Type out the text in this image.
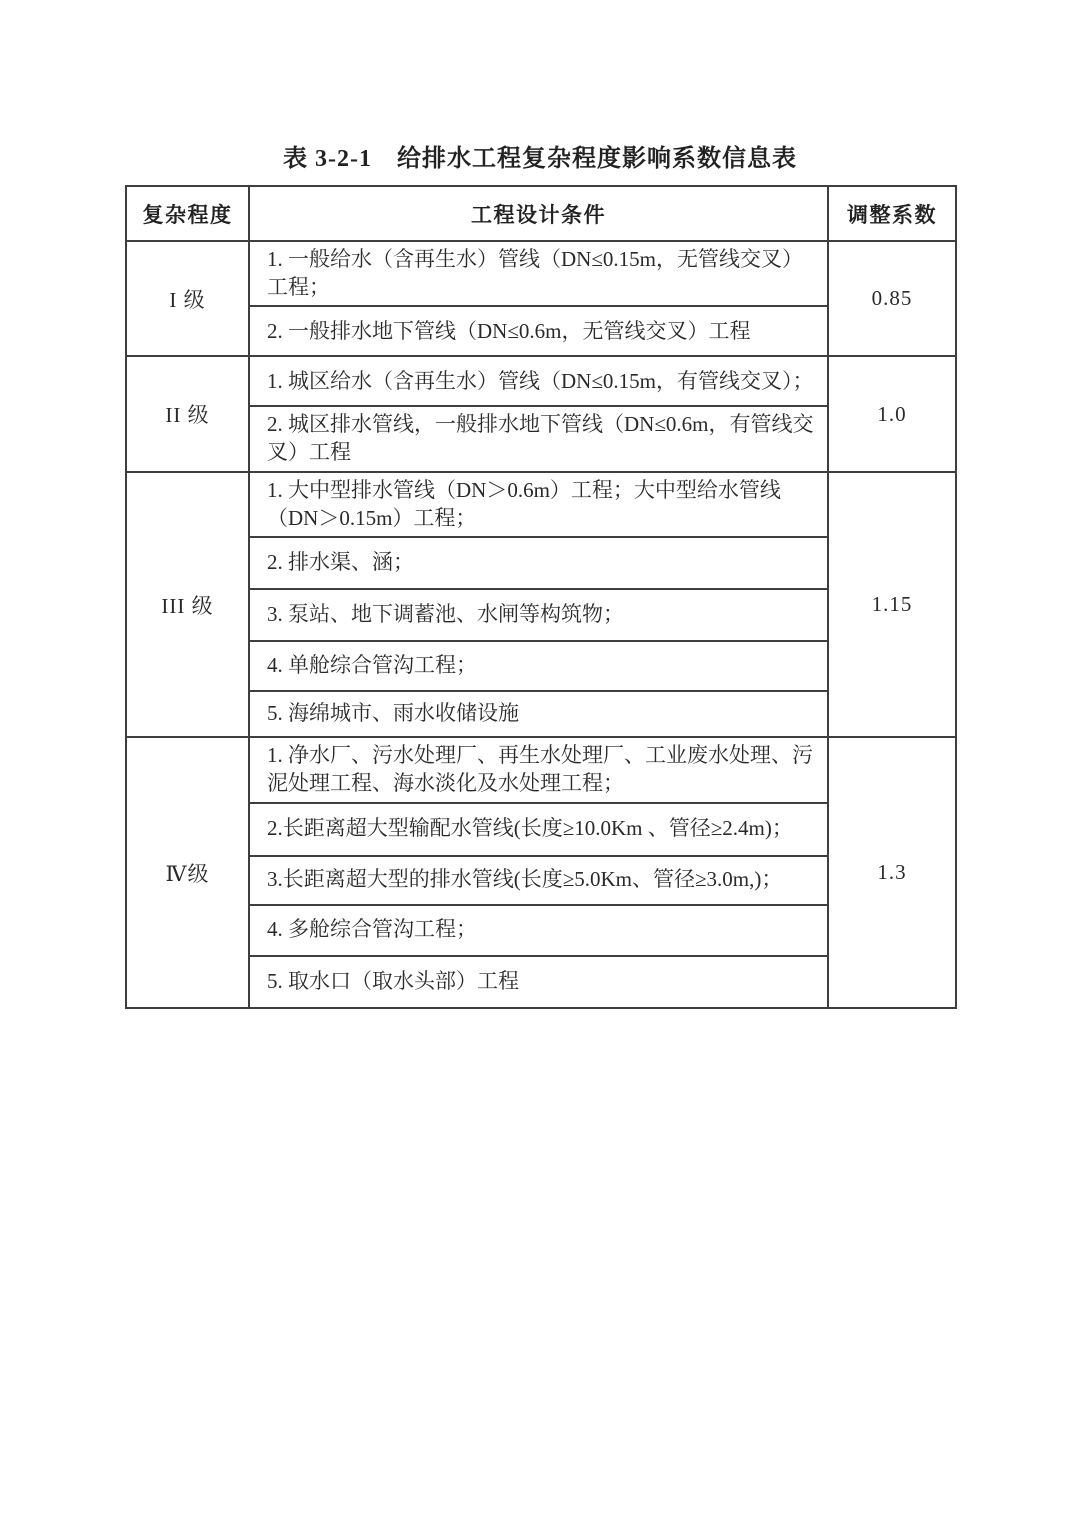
表 3-2-1　给排水工程复杂程度影响系数信息表
复杂程度	工程设计条件	调整系数
I 级	1. 一般给水（含再生水）管线（DN≤0.15m，无管线交叉）工程；	0.85
	2. 一般排水地下管线（DN≤0.6m，无管线交叉）工程	
II 级	1. 城区给水（含再生水）管线（DN≤0.15m，有管线交叉）；	1.0
	2. 城区排水管线，一般排水地下管线（DN≤0.6m，有管线交叉）工程	
III 级	1. 大中型排水管线（DN＞0.6m）工程；大中型给水管线（DN＞0.15m）工程；	1.15
	2. 排水渠、涵；	
	3. 泵站、地下调蓄池、水闸等构筑物；	
	4. 单舱综合管沟工程；	
	5. 海绵城市、雨水收储设施	
Ⅳ级	1. 净水厂、污水处理厂、再生水处理厂、工业废水处理、污泥处理工程、海水淡化及水处理工程；	1.3
	2.长距离超大型输配水管线(长度≥10.0Km 、管径≥2.4m)；	
	3.长距离超大型的排水管线(长度≥5.0Km、管径≥3.0m,)；	
	4. 多舱综合管沟工程；	
	5. 取水口（取水头部）工程	
